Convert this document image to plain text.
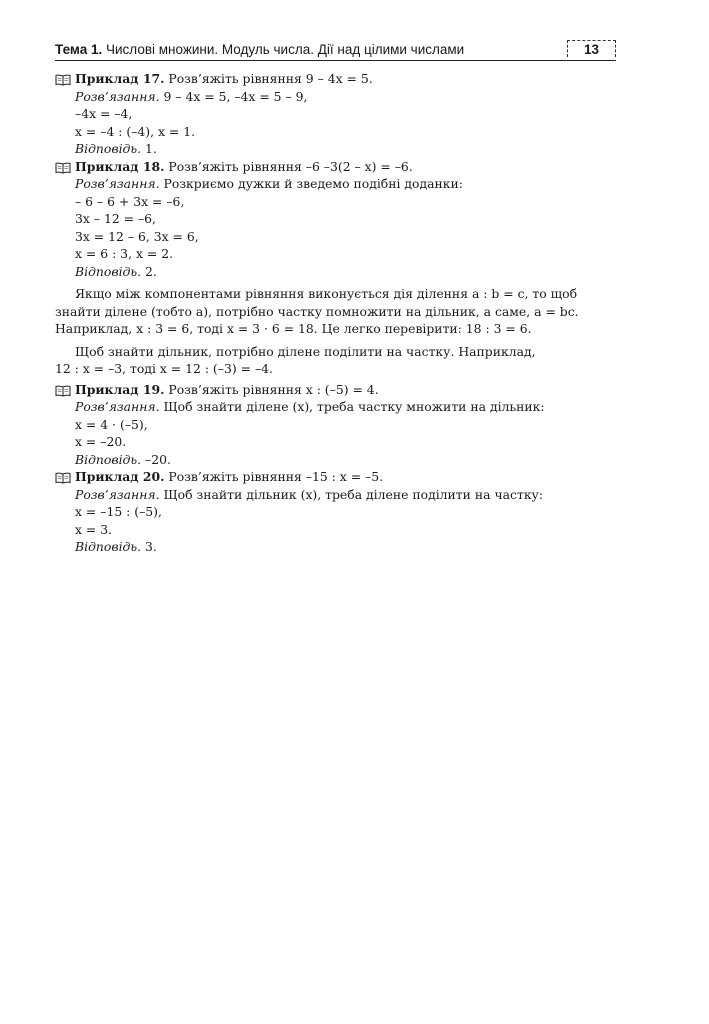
Тема 1. Числові множини. Модуль числа. Дії над цілими числами	13
Приклад 17. Розв’яжіть рівняння 9 – 4x = 5.
Розв’язання. 9 – 4x = 5, –4x = 5 – 9,
–4x = –4,
x = –4 : (–4), x = 1.
Відповідь. 1.
Приклад 18. Розв’яжіть рівняння –6 –3(2 – x) = –6.
Розв’язання. Розкриємо дужки й зведемо подібні доданки:
– 6 – 6 + 3x = –6,
3x – 12 = –6,
3x = 12 – 6, 3x = 6,
x = 6 : 3, x = 2.
Відповідь. 2.
Якщо між компонентами рівняння виконується дія ділення a : b = c, то щоб
знайти ділене (тобто a), потрібно частку помножити на дільник, а саме, a = bc.
Наприклад, x : 3 = 6, тоді x = 3 · 6 = 18. Це легко перевірити: 18 : 3 = 6.
Щоб знайти дільник, потрібно ділене поділити на частку. Наприклад,
12 : x = –3, тоді x = 12 : (–3) = –4.
Приклад 19. Розв’яжіть рівняння x : (–5) = 4.
Розв’язання. Щоб знайти ділене (x), треба частку множити на дільник:
x = 4 · (–5),
x = –20.
Відповідь. –20.
Приклад 20. Розв’яжіть рівняння –15 : x = –5.
Розв’язання. Щоб знайти дільник (x), треба ділене поділити на частку:
x = –15 : (–5),
x = 3.
Відповідь. 3.
